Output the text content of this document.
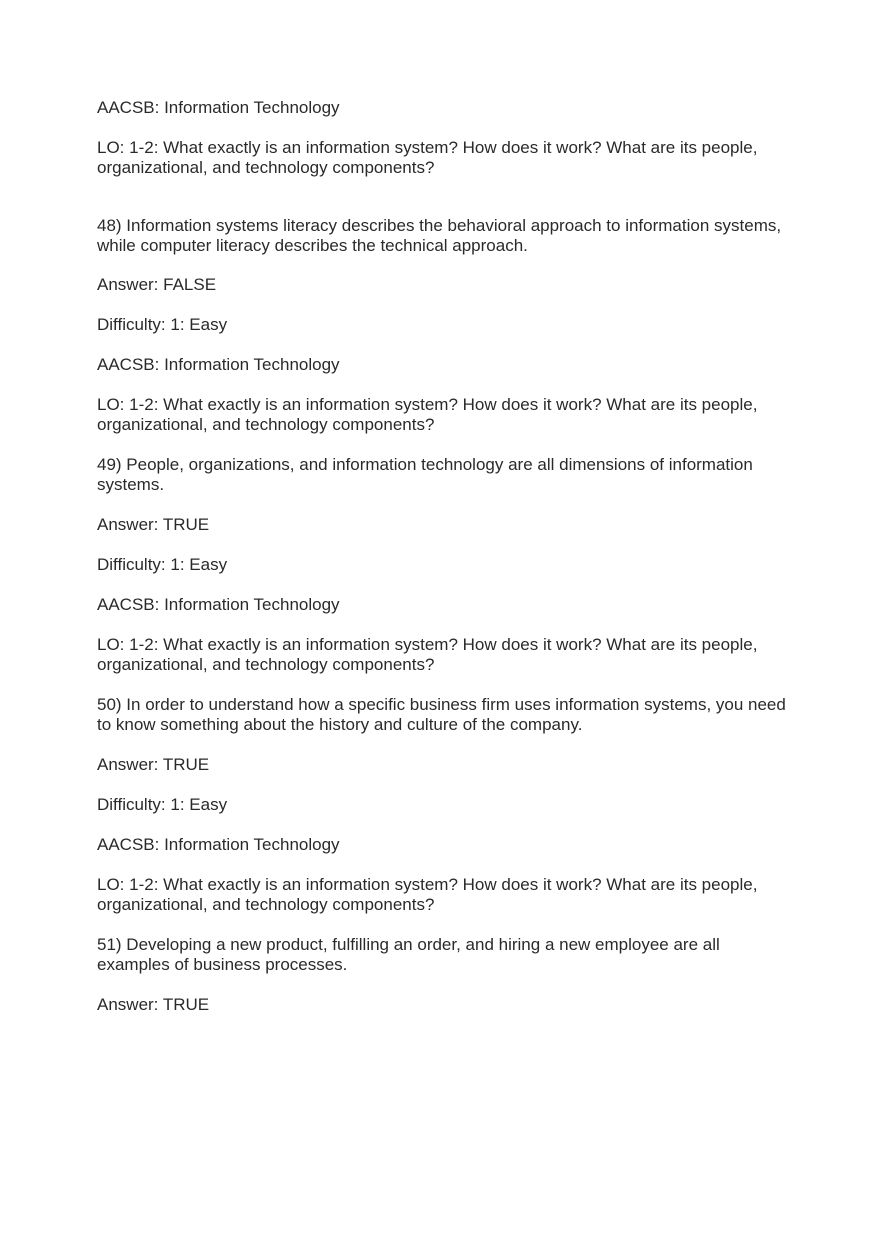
AACSB: Information Technology

LO: 1-2: What exactly is an information system? How does it work? What are its people, organizational, and technology components?

48) Information systems literacy describes the behavioral approach to information systems, while computer literacy describes the technical approach.

Answer: FALSE

Difficulty: 1: Easy

AACSB: Information Technology

LO: 1-2: What exactly is an information system? How does it work? What are its people, organizational, and technology components?

49) People, organizations, and information technology are all dimensions of information systems.

Answer: TRUE

Difficulty: 1: Easy

AACSB: Information Technology

LO: 1-2: What exactly is an information system? How does it work? What are its people, organizational, and technology components?

50) In order to understand how a specific business firm uses information systems, you need to know something about the history and culture of the company.

Answer: TRUE

Difficulty: 1: Easy

AACSB: Information Technology

LO: 1-2: What exactly is an information system? How does it work? What are its people, organizational, and technology components?

51) Developing a new product, fulfilling an order, and hiring a new employee are all examples of business processes.

Answer: TRUE
